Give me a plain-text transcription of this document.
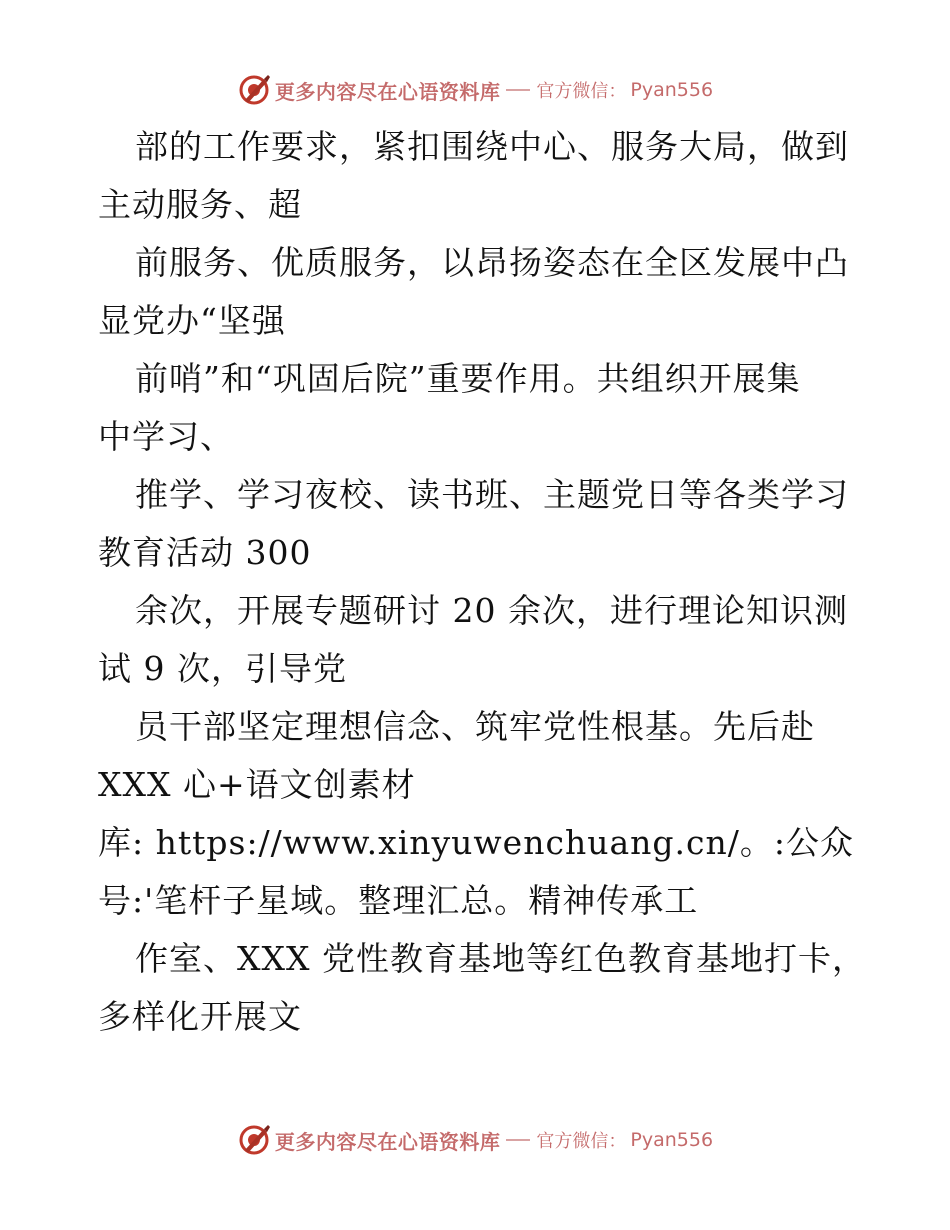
更多内容尽在心语资料库 官方微信： Pyan556
部的工作要求，紧扣围绕中心、服务大局，做到
主动服务、超
前服务、优质服务，以昂扬姿态在全区发展中凸
显党办“坚强
前哨”和“巩固后院”重要作用。共组织开展集
中学习、
推学、学习夜校、读书班、主题党日等各类学习
教育活动 300
余次，开展专题研讨 20 余次，进行理论知识测
试 9 次，引导党
员干部坚定理想信念、筑牢党性根基。先后赴
XXX 心+语文创素材
库: https://www.xinyuwenchuang.cn/。:公众
号:'笔杆子星域。整理汇总。精神传承工
作室、XXX 党性教育基地等红色教育基地打卡，
多样化开展文
更多内容尽在心语资料库 官方微信： Pyan556
